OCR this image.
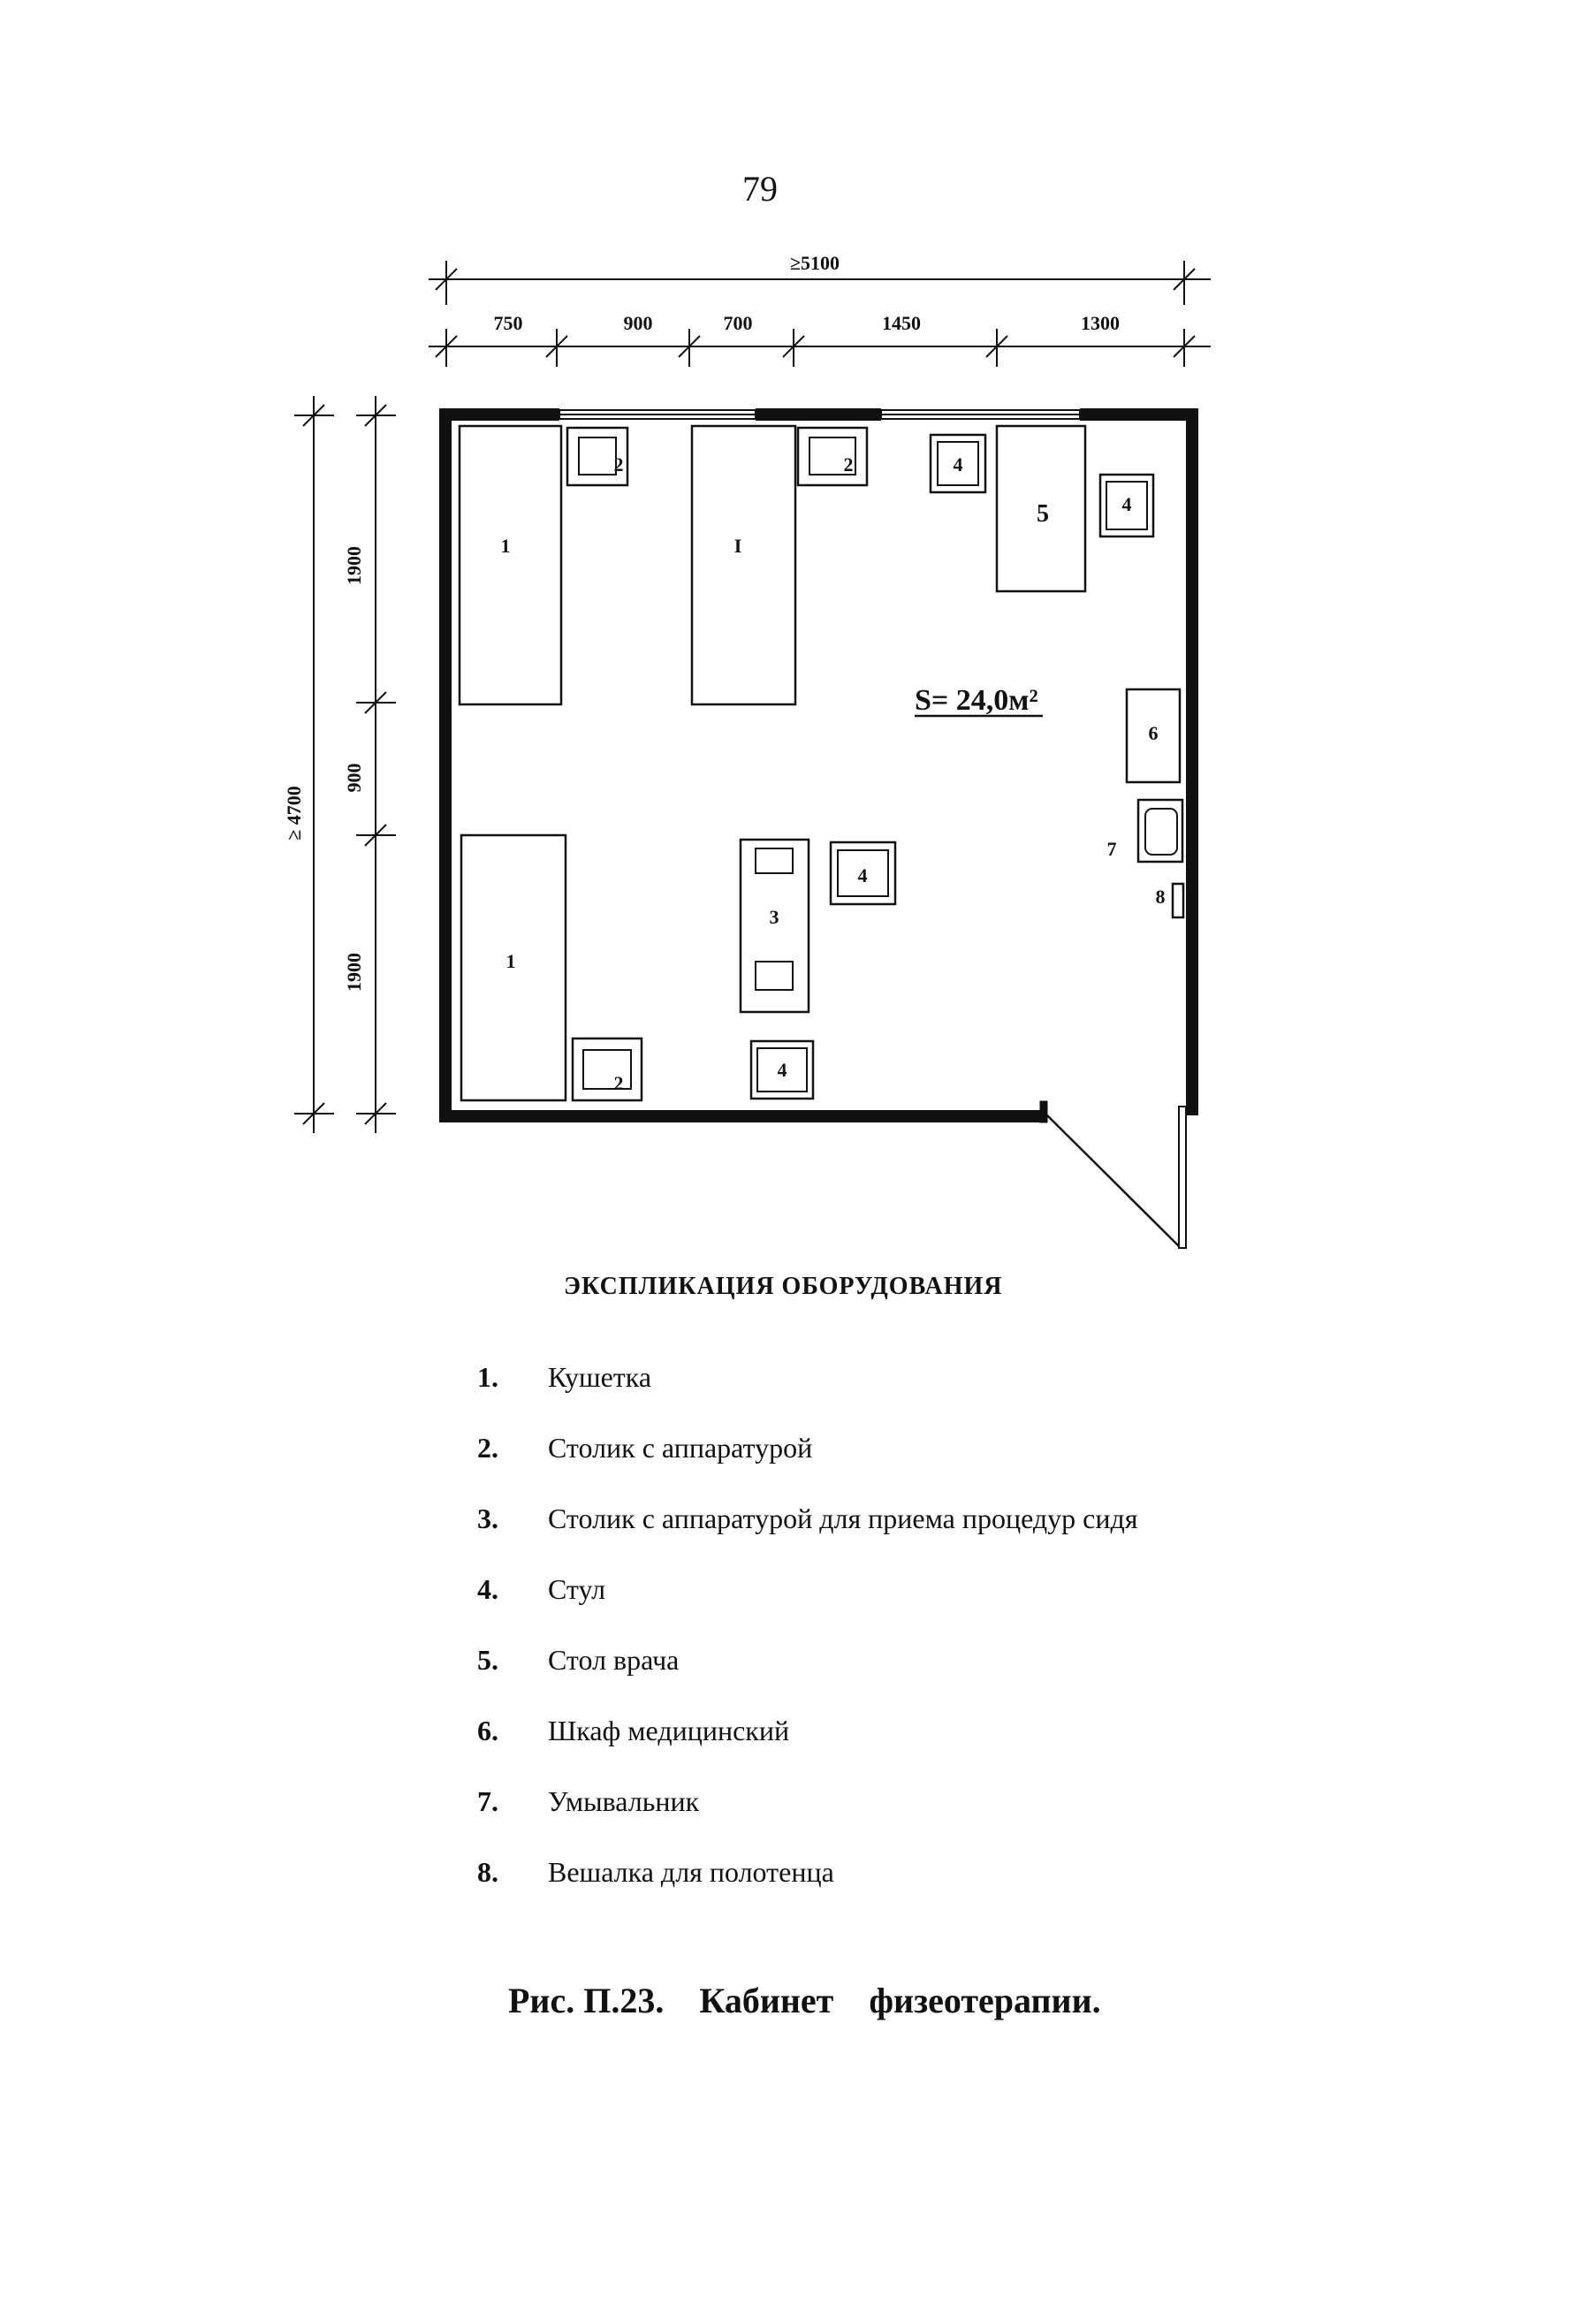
79
≥5100
750	900	700	1450	1300
≥ 4700
1900
900
1900
S= 24,0м²
1	I
1
2	2
2
3
4
4
4
4
5
6
7
8
ЭКСПЛИКАЦИЯ ОБОРУДОВАНИЯ
1.	Кушетка
2.	Столик с аппаратурой
3.	Столик с аппаратурой для приема процедур сидя
4.	Стул
5.	Стол врача
6.	Шкаф медицинский
7.	Умывальник
8.	Вешалка для полотенца
Рис. П.23. Кабинет физеотерапии.
